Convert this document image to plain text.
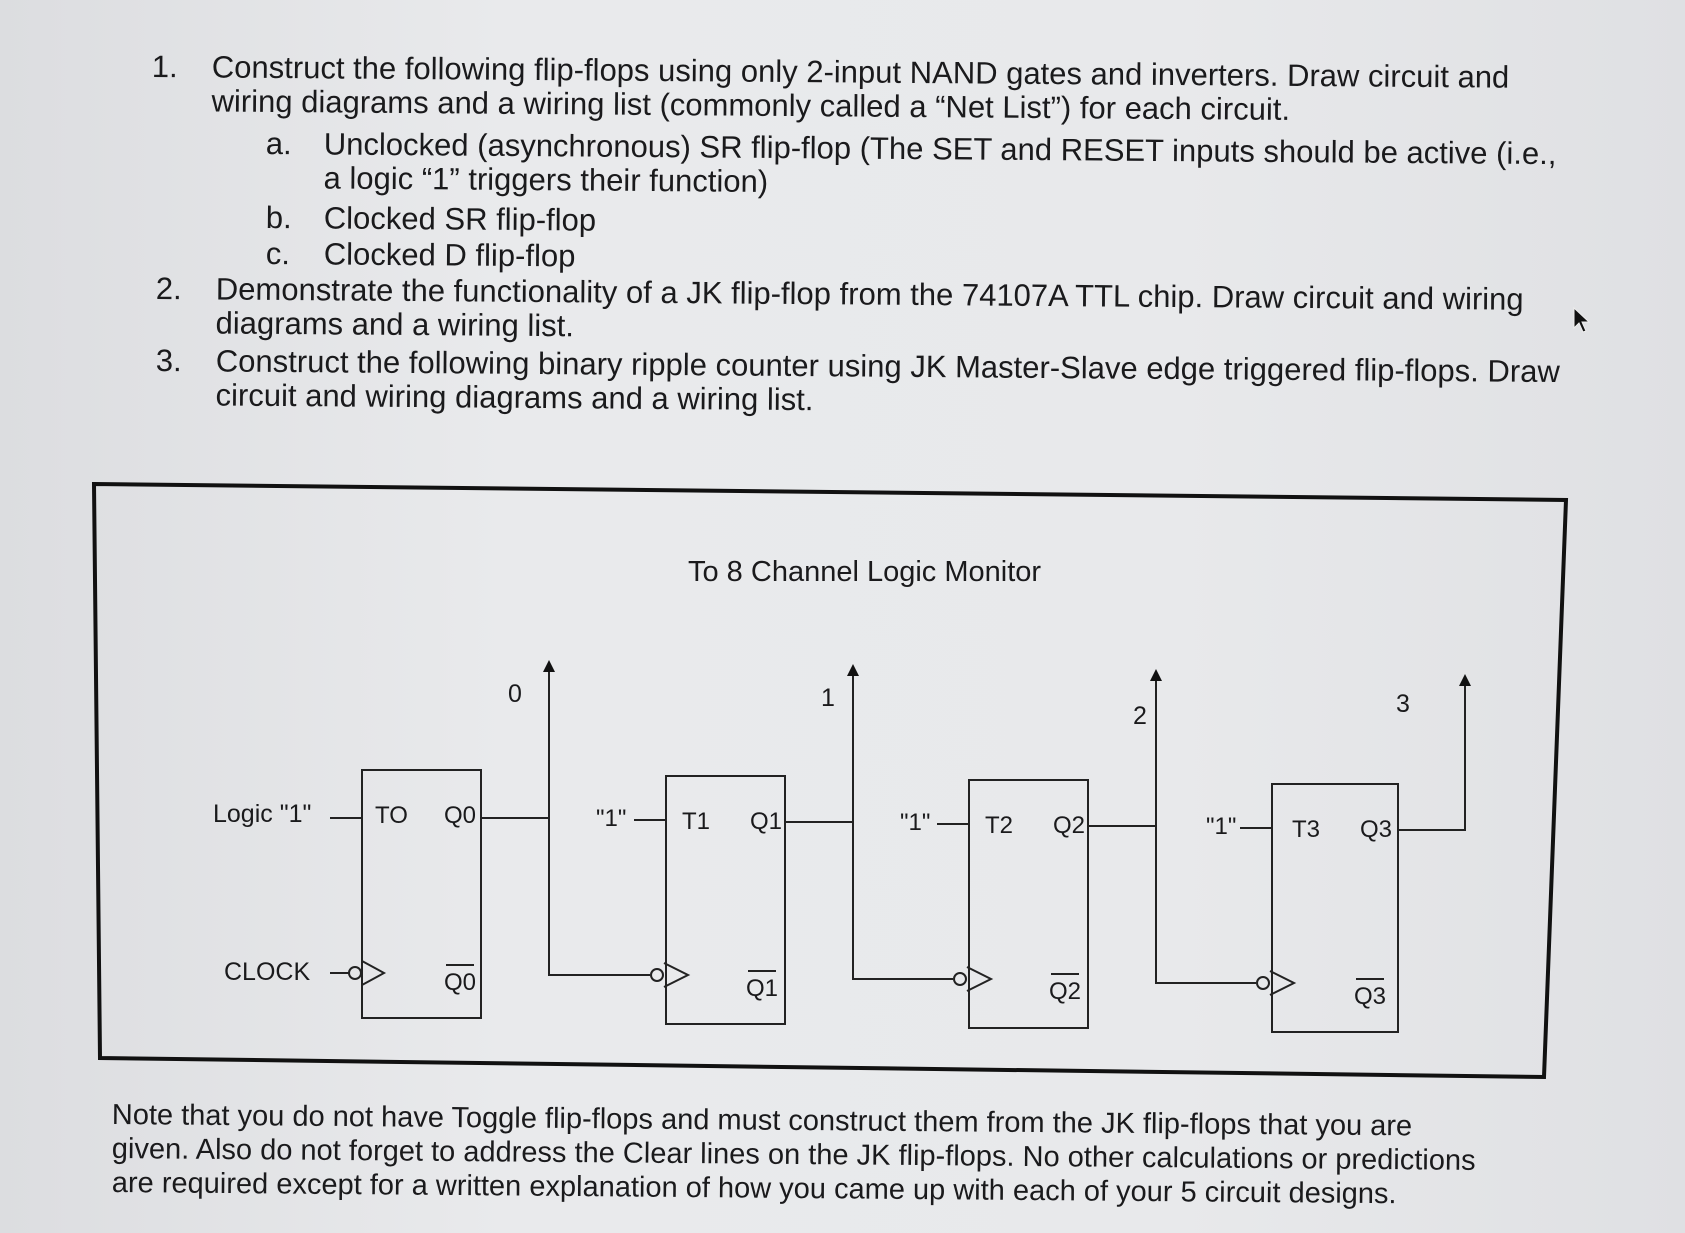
1. Construct the following flip-flops using only 2-input NAND gates and inverters. Draw circuit and
wiring diagrams and a wiring list (commonly called a “Net List”) for each circuit.
a. Unclocked (asynchronous) SR flip-flop (The SET and RESET inputs should be active (i.e.,
a logic “1” triggers their function)
b. Clocked SR flip-flop
c. Clocked D flip-flop
2. Demonstrate the functionality of a JK flip-flop from the 74107A TTL chip. Draw circuit and wiring
diagrams and a wiring list.
3. Construct the following binary ripple counter using JK Master-Slave edge triggered flip-flops. Draw
circuit and wiring diagrams and a wiring list.
To 8 Channel Logic Monitor
Logic "1"
CLOCK
TO Q0
Q0
0
"1" T1 Q1
Q1
1
"1" T2 Q2
Q2
2
"1" T3 Q3
Q3
3
Note that you do not have Toggle flip-flops and must construct them from the JK flip-flops that you are
given. Also do not forget to address the Clear lines on the JK flip-flops. No other calculations or predictions
are required except for a written explanation of how you came up with each of your 5 circuit designs.
